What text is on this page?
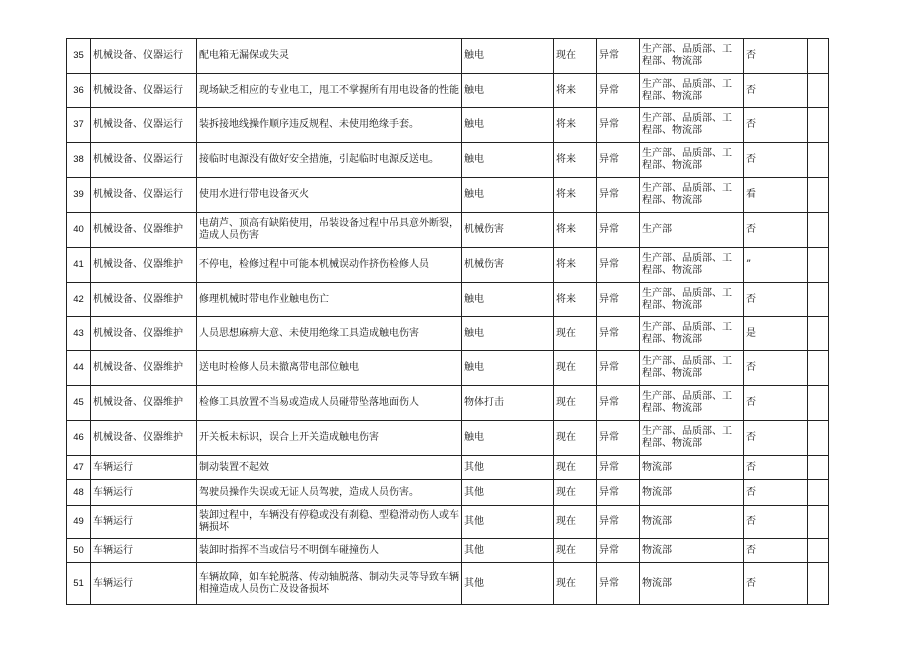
35	机械设备、仪器运行	配电箱无漏保或失灵	触电	现在	异常	生产部、品质部、工程部、物流部	否	
36	机械设备、仪器运行	现场缺乏相应的专业电工，甩工不掌握所有用电设备的性能	触电	将来	异常	生产部、品质部、工程部、物流部	否	
37	机械设备、仪器运行	装拆接地线操作顺序违反规程、未使用绝缘手套。	触电	将来	异常	生产部、品质部、工程部、物流部	否	
38	机械设备、仪器运行	接临时电源没有做好安全措施，引起临时电源反送电。	触电	将来	异常	生产部、品质部、工程部、物流部	否	
39	机械设备、仪器运行	使用水进行带电设备灭火	触电	将来	异常	生产部、品质部、工程部、物流部	看	
40	机械设备、仪器维护	电葫芦、顶高有缺陷使用，吊装设备过程中吊具意外断裂，造成人员伤害	机械伤害	将来	异常	生产部	否	
41	机械设备、仪器维护	不停电，检修过程中可能本机械误动作挤伤检修人员	机械伤害	将来	异常	生产部、品质部、工程部、物流部	”	
42	机械设备、仪器维护	修理机械时带电作业触电伤亡	触电	将来	异常	生产部、品质部、工程部、物流部	否	
43	机械设备、仪器维护	人员思想麻痹大意、未使用绝缘工具造成触电伤害	触电	现在	异常	生产部、品质部、工程部、物流部	是	
44	机械设备、仪器维护	送电时检修人员未撤离带电部位触电	触电	现在	异常	生产部、品质部、工程部、物流部	否	
45	机械设备、仪器维护	检修工具放置不当易或造成人员碰带坠落地面伤人	物体打击	现在	异常	生产部、品质部、工程部、物流部	否	
46	机械设备、仪器维护	开关板未标识，误合上开关造成触电伤害	触电	现在	异常	生产部、品质部、工程部、物流部	否	
47	车辆运行	制动装置不起效	其他	现在	异常	物流部	否	
48	车辆运行	驾驶员操作失误或无证人员驾驶，造成人员伤害。	其他	现在	异常	物流部	否	
49	车辆运行	装卸过程中，车辆没有停稳或没有刹稳、型稳滑动伤人或车辆损坏	其他	现在	异常	物流部	否	
50	车辆运行	装卸时指挥不当或信号不明倒车碰撞伤人	其他	现在	异常	物流部	否	
51	车辆运行	车辆故障，如车轮脱落、传动轴脱落、制动失灵等导致车辆相撞造成人员伤亡及设备损坏	其他	现在	异常	物流部	否	
